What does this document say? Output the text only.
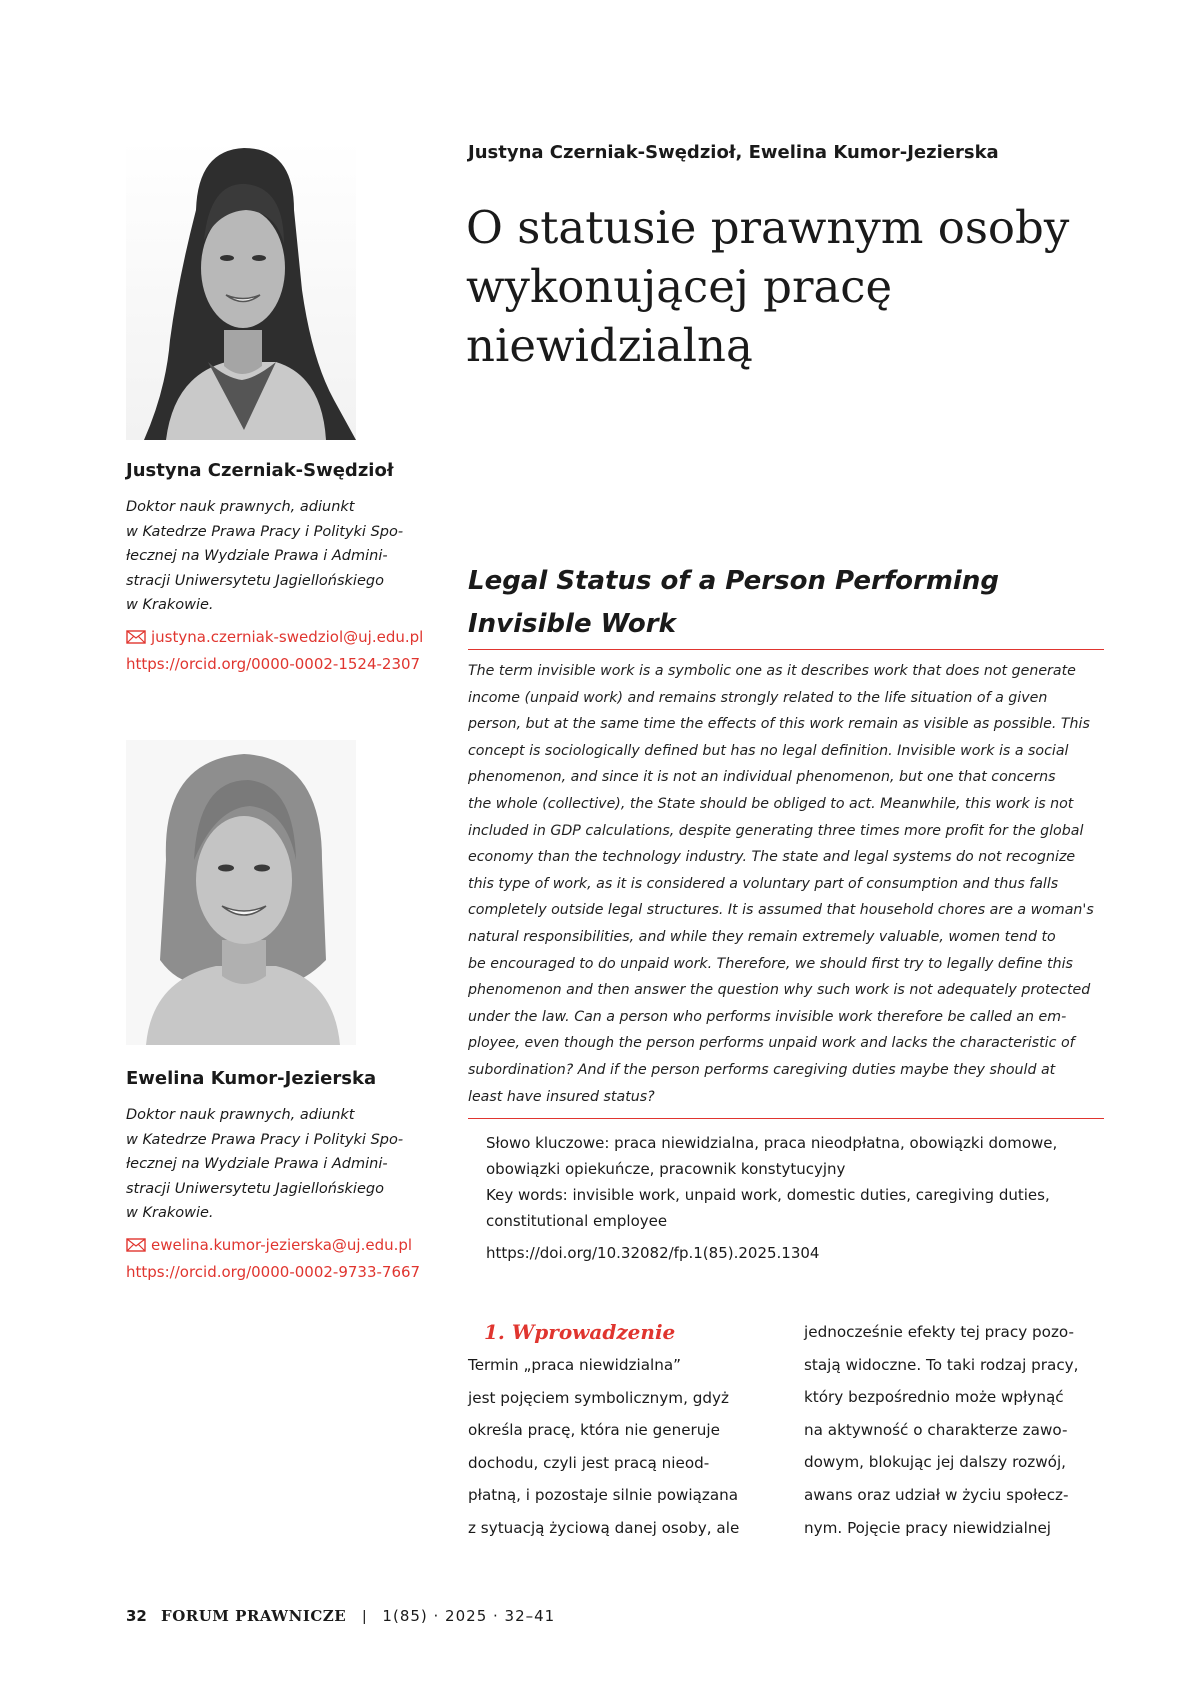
Justyna Czerniak-Swędzioł

Doktor nauk prawnych, adiunkt
w Katedrze Prawa Pracy i Polityki Spo-
łecznej na Wydziale Prawa i Admini-
stracji Uniwersytetu Jagiellońskiego
w Krakowie.

justyna.czerniak-swedziol@uj.edu.pl
https://orcid.org/0000-0002-1524-2307

Ewelina Kumor-Jezierska

Doktor nauk prawnych, adiunkt
w Katedrze Prawa Pracy i Polityki Spo-
łecznej na Wydziale Prawa i Admini-
stracji Uniwersytetu Jagiellońskiego
w Krakowie.

ewelina.kumor-jezierska@uj.edu.pl
https://orcid.org/0000-0002-9733-7667
Justyna Czerniak-Swędzioł, Ewelina Kumor-Jezierska
O statusie prawnym osoby
wykonującej pracę
niewidzialną
Legal Status of a Person Performing
Invisible Work

The term invisible work is a symbolic one as it describes work that does not generate
income (unpaid work) and remains strongly related to the life situation of a given
person, but at the same time the effects of this work remain as visible as possible. This
concept is sociologically defined but has no legal definition. Invisible work is a social
phenomenon, and since it is not an individual phenomenon, but one that concerns
the whole (collective), the State should be obliged to act. Meanwhile, this work is not
included in GDP calculations, despite generating three times more profit for the global
economy than the technology industry. The state and legal systems do not recognize
this type of work, as it is considered a voluntary part of consumption and thus falls
completely outside legal structures. It is assumed that household chores are a woman's
natural responsibilities, and while they remain extremely valuable, women tend to
be encouraged to do unpaid work. Therefore, we should first try to legally define this
phenomenon and then answer the question why such work is not adequately protected
under the law. Can a person who performs invisible work therefore be called an em-
ployee, even though the person performs unpaid work and lacks the characteristic of
subordination? And if the person performs caregiving duties maybe they should at
least have insured status?

Słowo kluczowe: praca niewidzialna, praca nieodpłatna, obowiązki domowe,
obowiązki opiekuńcze, pracownik konstytucyjny

Key words: invisible work, unpaid work, domestic duties, caregiving duties,
constitutional employee

https://doi.org/10.32082/fp.1(85).2025.1304

1. Wprowadzenie

Termin „praca niewidzialna”
jest pojęciem symbolicznym, gdyż
określa pracę, która nie generuje
dochodu, czyli jest pracą nieod-
płatną, i pozostaje silnie powiązana
z sytuacją życiową danej osoby, ale

jednocześnie efekty tej pracy pozo-
stają widoczne. To taki rodzaj pracy,
który bezpośrednio może wpłynąć
na aktywność o charakterze zawo-
dowym, blokując jej dalszy rozwój,
awans oraz udział w życiu społecz-
nym. Pojęcie pracy niewidzialnej

32 FORUM PRAWNICZE | 1(85) · 2025 · 32–41
